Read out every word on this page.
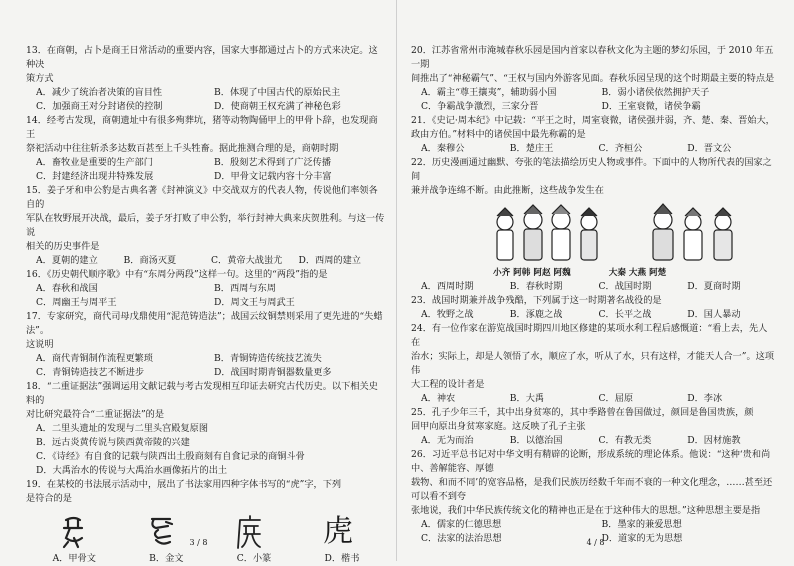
13．在商朝，占卜是商王日常活动的重要内容，国家大事都通过占卜的方式来决定。这种决

策方式

A．减少了统治者决策的盲目性	B．体现了中国古代的原始民主
C．加强商王对分封诸侯的控制	D．使商朝王权充满了神秘色彩

14．经考古发现，商朝遗址中有很多殉葬坑，猪等动物陶俑甲上的甲骨卜辞，也发现商王

祭祀活动中往往斩杀多达数百甚至上千头牲畜。据此推测合理的是，商朝时期

A．畜牧业是重要的生产部门	B．殷刻艺术得到了广泛传播
C．封建经济出现井特殊发展	D．甲骨文记载内容十分丰富

15．姜子牙和申公豹是古典名著《封神演义》中交战双方的代表人物，传说他们率领各自的

军队在牧野展开决战，最后，姜子牙打败了申公豹，举行封神大典来庆贺胜利。与这一传说

相关的历史事件是

A．夏朝的建立	B．商汤灭夏	C．黄帝大战蚩尤	D．西周的建立

16．《历史朝代顺序歌》中有“东周分两段”这样一句。这里的“两段”指的是

A．春秋和战国	B．西周与东周
C．周幽王与周平王	D．周文王与周武王

17．专家研究，商代司母戊鼎使用“泥范铸造法”；战国云纹铜禁则采用了更先进的“失蜡法”。

这说明

A．商代青铜制作流程更繁琐	B．青铜铸造传统技艺流失
C．青铜铸造技艺不断进步	D．战国时期青铜器数量更多

18．“二重证据法”强调运用文献记载与考古发现相互印证去研究古代历史。以下相关史料的

对比研究最符合“二重证据法”的是

A．二里头遗址的发现与二里头宫殿复原图
B．远古炎黄传说与陕西黄帝陵的兴建
C．《诗经》有自食的记载与陕西出土殷商刻有自食记录的商铜斗骨
D．大禹治水的传说与大禹治水画像拓片的出土

19．在某校的书法展示活动中，展出了书法家用四种字体书写的“虎”字，下列

是符合的是

虎
A．甲骨文	B．金文	C．小篆	D．楷书
3 / 8

20．江苏省常州市淹城春秋乐园是国内首家以春秋文化为主题的梦幻乐园，于 2010 年五一期

间推出了“神秘霸气”、“王权与国内外游客见面。春秋乐园呈现的这个时期最主要的特点是

A．霸主“尊王攘夷”，辅助弱小国	B．弱小诸侯依然拥护天子
C．争霸战争激烈，三家分晋	D．王室衰微，诸侯争霸

21．《史记·周本纪》中记载：“平王之时，周室衰微，诸侯强并弱，齐、楚、秦、晋始大，

政由方伯。”材料中的诸侯国中最先称霸的是

A．秦穆公	B．楚庄王	C．齐桓公	D．晋文公

22．历史漫画通过幽默、夸张的笔法描绘历史人物或事件。下面中的人物所代表的国家之间

兼并战争连绵不断。由此推断，这些战争发生在

小齐 阿韩 阿赵 阿魏	大秦 大燕 阿楚
A．西周时期	B．春秋时期	C．战国时期	D．夏商时期

23．战国时期兼并战争残酷，下列属于这一时期著名战役的是

A．牧野之战	B．涿鹿之战	C．长平之战	D．国人暴动

24．有一位作家在游览战国时期四川地区修建的某项水利工程后感慨道：“看上去，先人在

治水；实际上，却是人领悟了水，顺应了水，听从了水，只有这样，才能天人合一”。这项伟

大工程的设计者是

A．神农	B．大禹	C．屈原	D．李冰

25．孔子少年三千，其中出身贫寒的，其中季路曾在鲁国做过，颜回是鲁国贵族，颜

回甲向原出身贫寒家庭。这反映了孔子主张

A．无为而治	B．以德治国	C．有教无类	D．因材施教

26．习近平总书记对中华文明有精辟的论断，形成系统的理论体系。他说：“这种‘贵和尚中、善解能容、厚德

载物、和而不同’的宽容品格，是我们民族历经数千年而不衰的一种文化理念，……甚至还可以看不到夸

张地说，我们中华民族传统文化的精神也正是在于这种伟大的思想。”这种思想主要是指

A．儒家的仁德思想	B．墨家的兼爱思想
C．法家的法治思想	D．道家的无为思想
4 / 8
